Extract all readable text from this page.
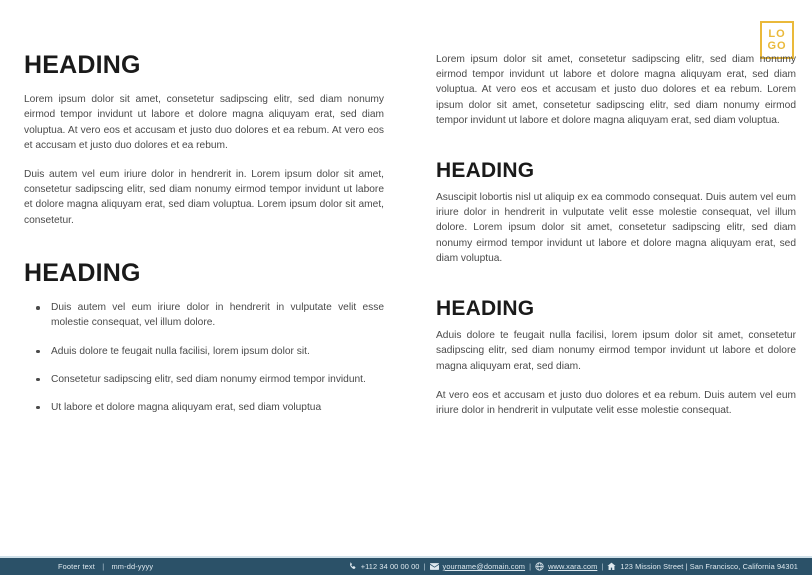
LO
GO
HEADING

Lorem ipsum dolor sit amet, consetetur sadipscing elitr, sed diam nonumy eirmod tempor invidunt ut labore et dolore magna aliquyam erat, sed diam voluptua. At vero eos et accusam et justo duo dolores et ea rebum. At vero eos et accusam et justo duo dolores et ea rebum.

Duis autem vel eum iriure dolor in hendrerit in. Lorem ipsum dolor sit amet, consetetur sadipscing elitr, sed diam nonumy eirmod tempor invidunt ut labore et dolore magna aliquyam erat, sed diam voluptua. Lorem ipsum dolor sit amet, consetetur.

HEADING
Duis autem vel eum iriure dolor in hendrerit in vulputate velit esse molestie consequat, vel illum dolore.
Aduis dolore te feugait nulla facilisi, lorem ipsum dolor sit.
Consetetur sadipscing elitr, sed diam nonumy eirmod tempor invidunt.
Ut labore et dolore magna aliquyam erat, sed diam voluptua

Lorem ipsum dolor sit amet, consetetur sadipscing elitr, sed diam nonumy eirmod tempor invidunt ut labore et dolore magna aliquyam erat, sed diam voluptua. At vero eos et accusam et justo duo dolores et ea rebum. Lorem ipsum dolor sit amet, consetetur sadipscing elitr, sed diam nonumy eirmod tempor invidunt ut labore et dolore magna aliquyam erat, sed diam voluptua.

HEADING

Asuscipit lobortis nisl ut aliquip ex ea commodo consequat. Duis autem vel eum iriure dolor in hendrerit in vulputate velit esse molestie consequat, vel illum dolore. Lorem ipsum dolor sit amet, consetetur sadipscing elitr, sed diam nonumy eirmod tempor invidunt ut labore et dolore magna aliquyam erat, sed diam voluptua.

HEADING

Aduis dolore te feugait nulla facilisi, lorem ipsum dolor sit amet, consetetur sadipscing elitr, sed diam nonumy eirmod tempor invidunt ut labore et dolore magna aliquyam erat, sed diam.

At vero eos et accusam et justo duo dolores et ea rebum. Duis autem vel eum iriure dolor in hendrerit in vulputate velit esse molestie consequat.

Footer text | mm-dd-yyyy	+112 34 00 00 00 |	yourname@domain.com |	www.xara.com |	123 Mission Street | San Francisco, California 94301
